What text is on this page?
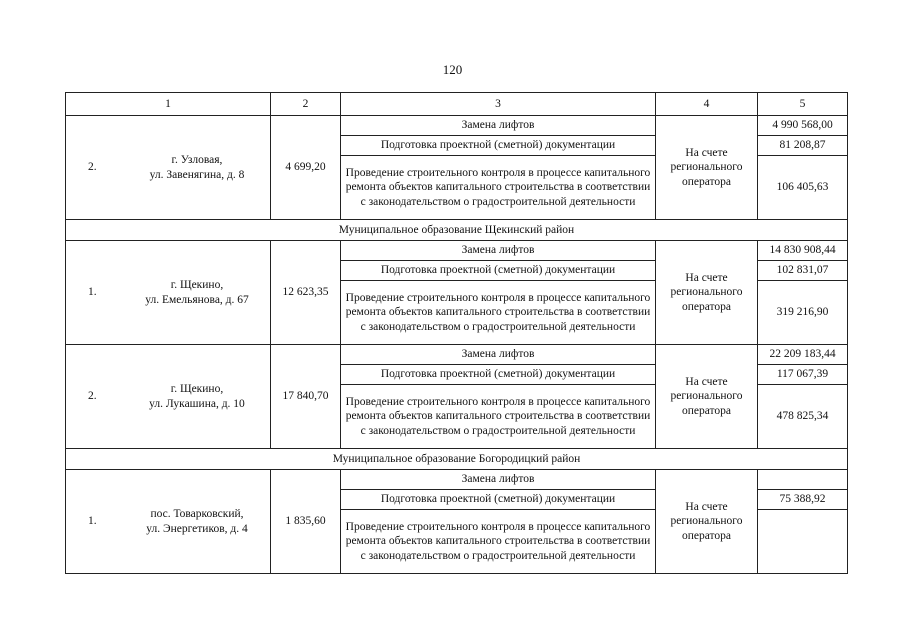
120
1	2	3	4	5

2.
г. Узловая,
ул. Завенягина, д. 8	4 699,20	Замена лифтов	На счете регионального оператора	4 990 568,00
		Подготовка проектной (сметной) документации		81 208,87
		Проведение строительного контроля в процессе капитального ремонта объектов капитального строительства в соответствии с законодательством о градостроительной деятельности		106 405,63
Муниципальное образование Щекинский район				

1.
г. Щекино,
ул. Емельянова, д. 67	12 623,35	Замена лифтов	На счете регионального оператора	14 830 908,44
		Подготовка проектной (сметной) документации		102 831,07
		Проведение строительного контроля в процессе капитального ремонта объектов капитального строительства в соответствии с законодательством о градостроительной деятельности		319 216,90

2.
г. Щекино,
ул. Лукашина, д. 10	17 840,70	Замена лифтов	На счете регионального оператора	22 209 183,44
		Подготовка проектной (сметной) документации		117 067,39
		Проведение строительного контроля в процессе капитального ремонта объектов капитального строительства в соответствии с законодательством о градостроительной деятельности		478 825,34
Муниципальное образование Богородицкий район				

1.
пос. Товарковский,
ул. Энергетиков, д. 4	1 835,60	Замена лифтов	На счете регионального оператора	
		Подготовка проектной (сметной) документации		75 388,92
		Проведение строительного контроля в процессе капитального ремонта объектов капитального строительства в соответствии с законодательством о градостроительной деятельности		
